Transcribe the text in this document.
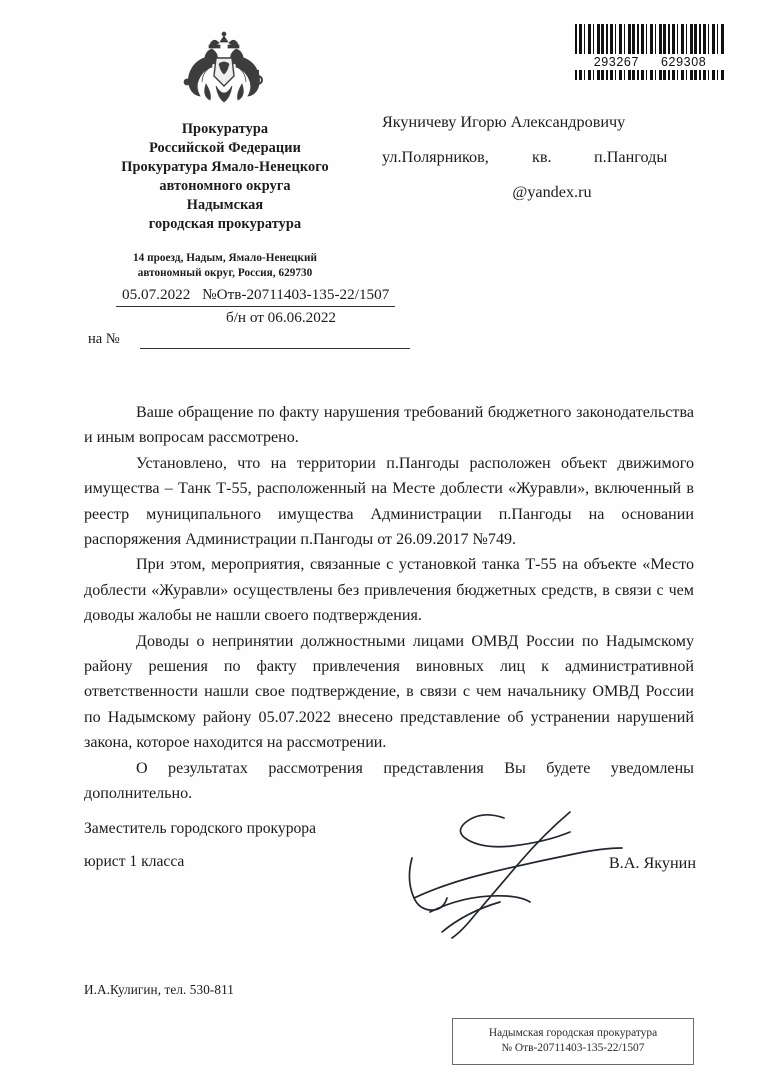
293267 629308
Прокуратура
Российской Федерации
Прокуратура Ямало-Ненецкого
автономного округа
Надымская
городская прокуратура
14 проезд, Надым, Ямало-Ненецкий
автономный округ, Россия, 629730
Якуничеву Игорю Александровичу
ул.Полярников,	кв.	п.Пангоды
@yandex.ru
05.07.2022 №Отв-20711403-135-22/1507
б/н от 06.06.2022
на №

Ваше обращение по факту нарушения требований бюджетного законодательства и иным вопросам рассмотрено.

Установлено, что на территории п.Пангоды расположен объект движимого имущества – Танк Т-55, расположенный на Месте доблести «Журавли», включенный в реестр муниципального имущества Администрации п.Пангоды на основании распоряжения Администрации п.Пангоды от 26.09.2017 №749.

При этом, мероприятия, связанные с установкой танка Т-55 на объекте «Место доблести «Журавли» осуществлены без привлечения бюджетных средств, в связи с чем доводы жалобы не нашли своего подтверждения.

Доводы о непринятии должностными лицами ОМВД России по Надымскому району решения по факту привлечения виновных лиц к административной ответственности нашли свое подтверждение, в связи с чем начальнику ОМВД России по Надымскому району 05.07.2022 внесено представление об устранении нарушений закона, которое находится на рассмотрении.

О результатах рассмотрения представления Вы будете уведомлены дополнительно.

Заместитель городского прокурора
юрист 1 класса	В.А. Якунин
И.А.Кулигин, тел. 530-811
Надымская городская прокуратура
№ Отв-20711403-135-22/1507
